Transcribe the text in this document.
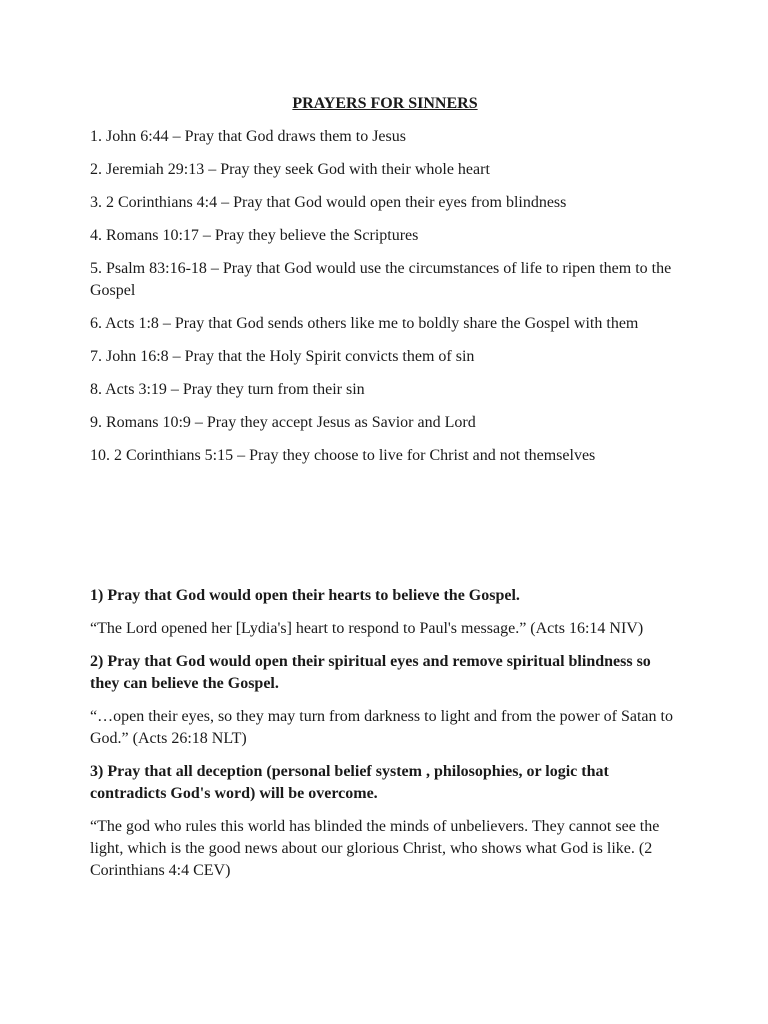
PRAYERS FOR SINNERS

1. John 6:44 – Pray that God draws them to Jesus

2. Jeremiah 29:13 – Pray they seek God with their whole heart

3. 2 Corinthians 4:4 – Pray that God would open their eyes from blindness

4. Romans 10:17 – Pray they believe the Scriptures

5. Psalm 83:16-18 – Pray that God would use the circumstances of life to ripen them to the Gospel

6. Acts 1:8 – Pray that God sends others like me to boldly share the Gospel with them

7. John 16:8 – Pray that the Holy Spirit convicts them of sin

8. Acts 3:19 – Pray they turn from their sin

9. Romans 10:9 – Pray they accept Jesus as Savior and Lord

10. 2 Corinthians 5:15 – Pray they choose to live for Christ and not themselves

1) Pray that God would open their hearts to believe the Gospel.

“The Lord opened her [Lydia's] heart to respond to Paul's message.” (Acts 16:14 NIV)

2) Pray that God would open their spiritual eyes and remove spiritual blindness so they can believe the Gospel.

“…open their eyes, so they may turn from darkness to light and from the power of Satan to God.” (Acts 26:18 NLT)

3) Pray that all deception (personal belief system , philosophies, or logic that contradicts God's word) will be overcome.

“The god who rules this world has blinded the minds of unbelievers. They cannot see the light, which is the good news about our glorious Christ, who shows what God is like. (2 Corinthians 4:4 CEV)
